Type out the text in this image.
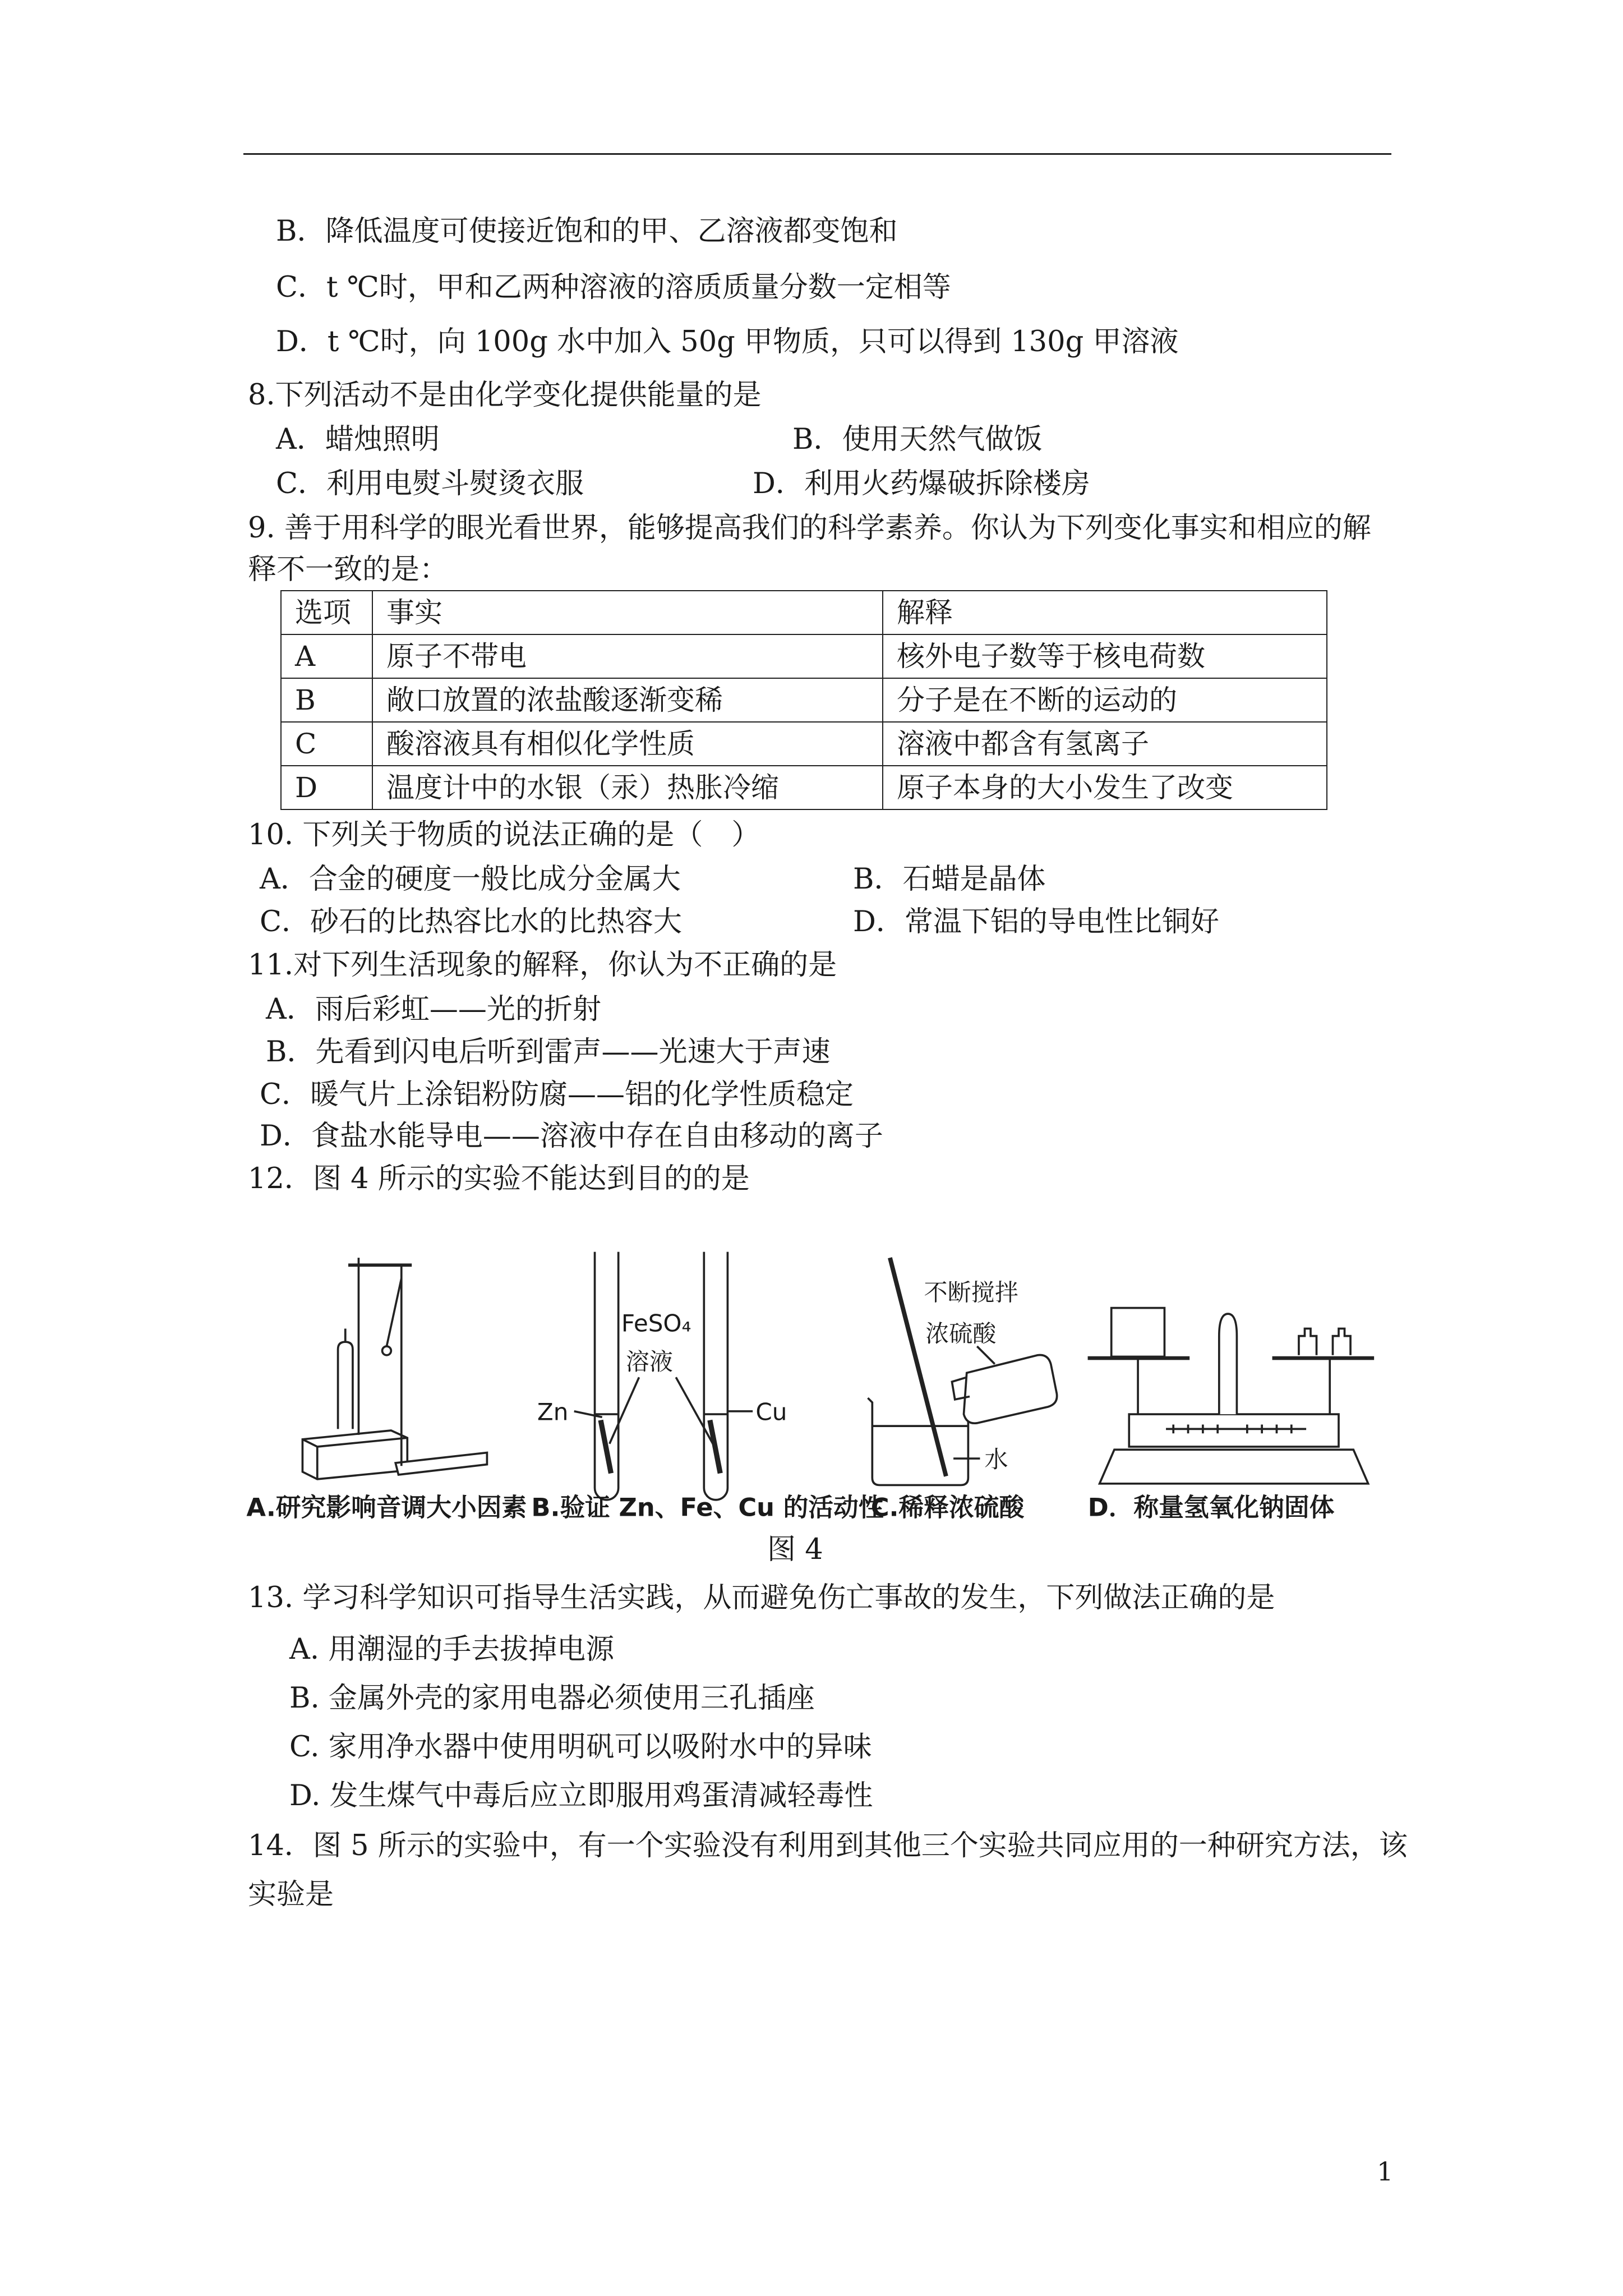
B．降低温度可使接近饱和的甲、乙溶液都变饱和
C．t ℃时，甲和乙两种溶液的溶质质量分数一定相等
D．t ℃时，向 100g 水中加入 50g 甲物质，只可以得到 130g 甲溶液
8.下列活动不是由化学变化提供能量的是
A．蜡烛照明	B．使用天然气做饭
C．利用电熨斗熨烫衣服	D．利用火药爆破拆除楼房
9. 善于用科学的眼光看世界，能够提高我们的科学素养。你认为下列变化事实和相应的解
释不一致的是：
选项	事实	解释
A	原子不带电	核外电子数等于核电荷数
B	敞口放置的浓盐酸逐渐变稀	分子是在不断的运动的
C	酸溶液具有相似化学性质	溶液中都含有氢离子
D	温度计中的水银（汞）热胀冷缩	原子本身的大小发生了改变
10. 下列关于物质的说法正确的是（　）
A．合金的硬度一般比成分金属大	B．石蜡是晶体
C．砂石的比热容比水的比热容大	D．常温下铝的导电性比铜好
11.对下列生活现象的解释，你认为不正确的是
A．雨后彩虹——光的折射
B．先看到闪电后听到雷声——光速大于声速
C．暖气片上涂铝粉防腐——铝的化学性质稳定
D．食盐水能导电——溶液中存在自由移动的离子
12．图 4 所示的实验不能达到目的的是
FeSO₄
溶液
Zn	Cu
不断搅拌
浓硫酸
水
A.研究影响音调大小因素 B.验证 Zn、Fe、Cu 的活动性
C.稀释浓硫酸	D．称量氢氧化钠固体
图 4
13. 学习科学知识可指导生活实践，从而避免伤亡事故的发生，下列做法正确的是
A. 用潮湿的手去拔掉电源
B. 金属外壳的家用电器必须使用三孔插座
C. 家用净水器中使用明矾可以吸附水中的异味
D. 发生煤气中毒后应立即服用鸡蛋清减轻毒性
14．图 5 所示的实验中，有一个实验没有利用到其他三个实验共同应用的一种研究方法，该
实验是
1
